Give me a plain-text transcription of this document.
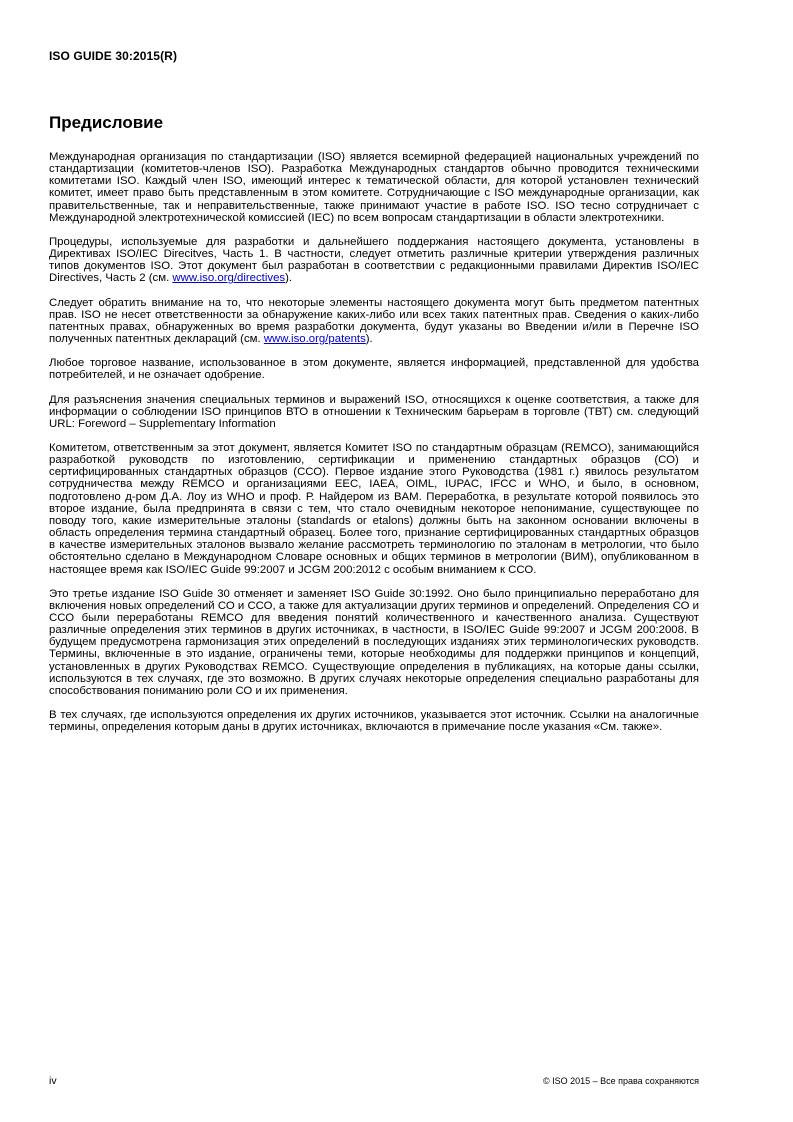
ISO GUIDE 30:2015(R)
Предисловие

Международная организация по стандартизации (ISO) является всемирной федерацией национальных учреждений по стандартизации (комитетов-членов ISO). Разработка Международных стандартов обычно проводится техническими комитетами ISO. Каждый член ISO, имеющий интерес к тематической области, для которой установлен технический комитет, имеет право быть представленным в этом комитете. Сотрудничающие с ISO международные организации, как правительственные, так и неправительственные, также принимают участие в работе ISO. ISO тесно сотрудничает с Международной электротехнической комиссией (IEC) по всем вопросам стандартизации в области электротехники.

Процедуры, используемые для разработки и дальнейшего поддержания настоящего документа, установлены в Директивах ISO/IEC Direcitves, Часть 1. В частности, следует отметить различные критерии утверждения различных типов документов ISO. Этот документ был разработан в соответствии с редакционными правилами Директив ISO/IEC Directives, Часть 2 (см. www.iso.org/directives).

Следует обратить внимание на то, что некоторые элементы настоящего документа могут быть предметом патентных прав. ISO не несет ответственности за обнаружение каких-либо или всех таких патентных прав. Сведения о каких-либо патентных правах, обнаруженных во время разработки документа, будут указаны во Введении и/или в Перечне ISO полученных патентных деклараций (см. www.iso.org/patents).

Любое торговое название, использованное в этом документе, является информацией, представленной для удобства потребителей, и не означает одобрение.

Для разъяснения значения специальных терминов и выражений ISO, относящихся к оценке соответствия, а также для информации о соблюдении ISO принципов ВТО в отношении к Техническим барьерам в торговле (ТВТ) см. следующий URL: Foreword – Supplementary Information

Комитетом, ответственным за этот документ, является Комитет ISO по стандартным образцам (REMCO), занимающийся разработкой руководств по изготовлению, сертификации и применению стандартных образцов (СО) и сертифицированных стандартных образцов (ССО). Первое издание этого Руководства (1981 г.) явилось результатом сотрудничества между REMCO и организациями ЕЕС, IAEA, OIML, IUPAC, IFCC и WHO, и было, в основном, подготовлено д-ром Д.А. Лоу из WHO и проф. Р. Найдером из BAM. Переработка, в результате которой появилось это второе издание, была предпринята в связи с тем, что стало очевидным некоторое непонимание, существующее по поводу того, какие измерительные эталоны (standards or etalons) должны быть на законном основании включены в область определения термина стандартный образец. Более того, признание сертифицированных стандартных образцов в качестве измерительных эталонов вызвало желание рассмотреть терминологию по эталонам в метрологии, что было обстоятельно сделано в Международном Словаре основных и общих терминов в метрологии (ВИМ), опубликованном в настоящее время как ISO/IEC Guide 99:2007 и JCGM 200:2012 с особым вниманием к ССО.

Это третье издание ISO Guide 30 отменяет и заменяет ISO Guide 30:1992. Оно было принципиально переработано для включения новых определений СО и ССО, а также для актуализации других терминов и определений. Определения СО и ССО были переработаны REMCO для введения понятий количественного и качественного анализа. Существуют различные определения этих терминов в других источниках, в частности, в ISO/IEC Guide 99:2007 и JCGM 200:2008. В будущем предусмотрена гармонизация этих определений в последующих изданиях этих терминологических руководств. Термины, включенные в это издание, ограничены теми, которые необходимы для поддержки принципов и концепций, установленных в других Руководствах REMCO. Существующие определения в публикациях, на которые даны ссылки, используются в тех случаях, где это возможно. В других случаях некоторые определения специально разработаны для способствования пониманию роли СО и их применения.

В тех случаях, где используются определения их других источников, указывается этот источник. Ссылки на аналогичные термины, определения которым даны в других источниках, включаются в примечание после указания «См. также».

iv	© ISO 2015 – Все права сохраняются
